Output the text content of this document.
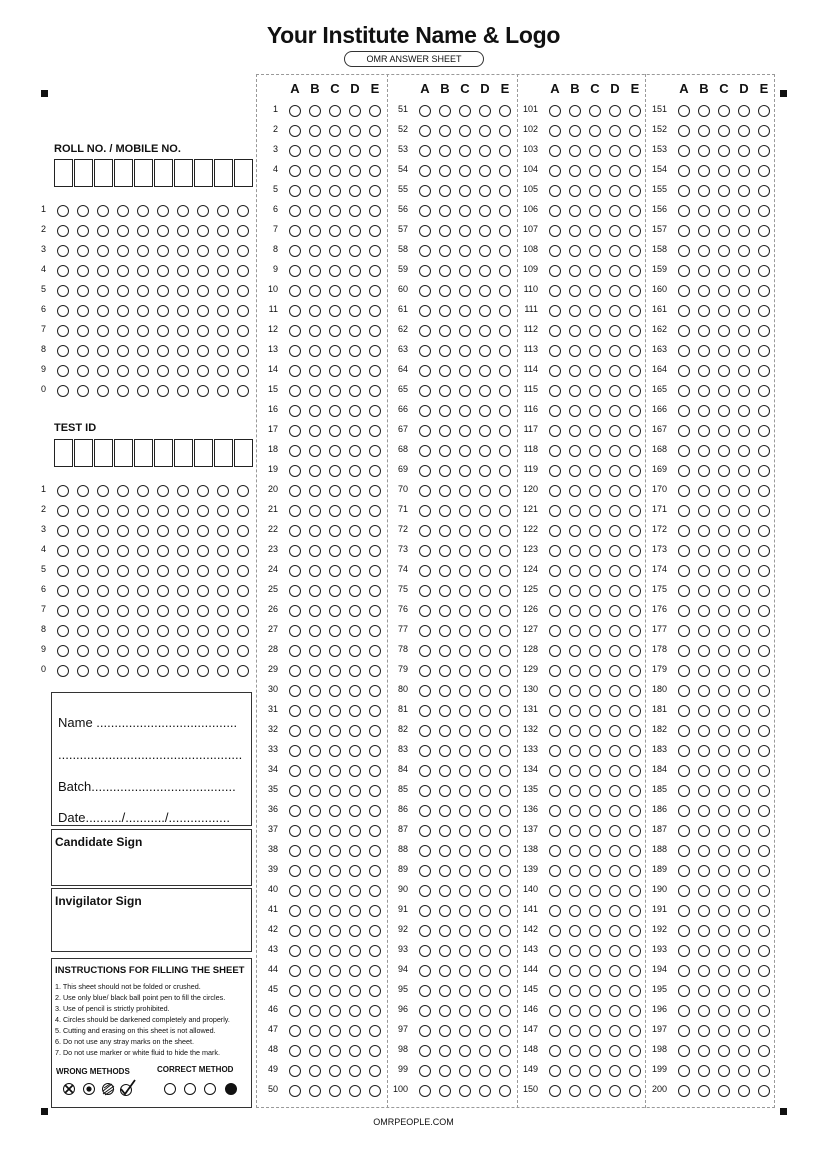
Your Institute Name & Logo
OMR ANSWER SHEET
A B C D E
1
2
3
4
5
6
7
8
9
10
11
12
13
14
15
16
17
18
19
20
21
22
23
24
25
26
27
28
29
30
31
32
33
34
35
36
37
38
39
40
41
42
43
44
45
46
47
48
49
50
A B C D E
51
52
53
54
55
56
57
58
59
60
61
62
63
64
65
66
67
68
69
70
71
72
73
74
75
76
77
78
79
80
81
82
83
84
85
86
87
88
89
90
91
92
93
94
95
96
97
98
99
100
A B C D E
101
102
103
104
105
106
107
108
109
110
111
112
113
114
115
116
117
118
119
120
121
122
123
124
125
126
127
128
129
130
131
132
133
134
135
136
137
138
139
140
141
142
143
144
145
146
147
148
149
150
A B C D E
151
152
153
154
155
156
157
158
159
160
161
162
163
164
165
166
167
168
169
170
171
172
173
174
175
176
177
178
179
180
181
182
183
184
185
186
187
188
189
190
191
192
193
194
195
196
197
198
199
200
ROLL NO. / MOBILE NO.
1
2
3
4
5
6
7
8
9
0
TEST ID
1
2
3
4
5
6
7
8
9
0
Name .......................................
...................................................
Batch........................................
Date........../.........../.................
Candidate Sign
Invigilator Sign
INSTRUCTIONS FOR FILLING THE SHEET
1. This sheet should not be folded or crushed.
2. Use only blue/ black ball point pen to fill the circles.
3. Use of pencil is strictly prohibited.
4. Circles should be darkened completely and properly.
5. Cutting and erasing on this sheet is not allowed.
6. Do not use any stray marks on the sheet.
7. Do not use marker or white fluid to hide the mark.
WRONG METHODS	CORRECT METHOD
OMRPEOPLE.COM
